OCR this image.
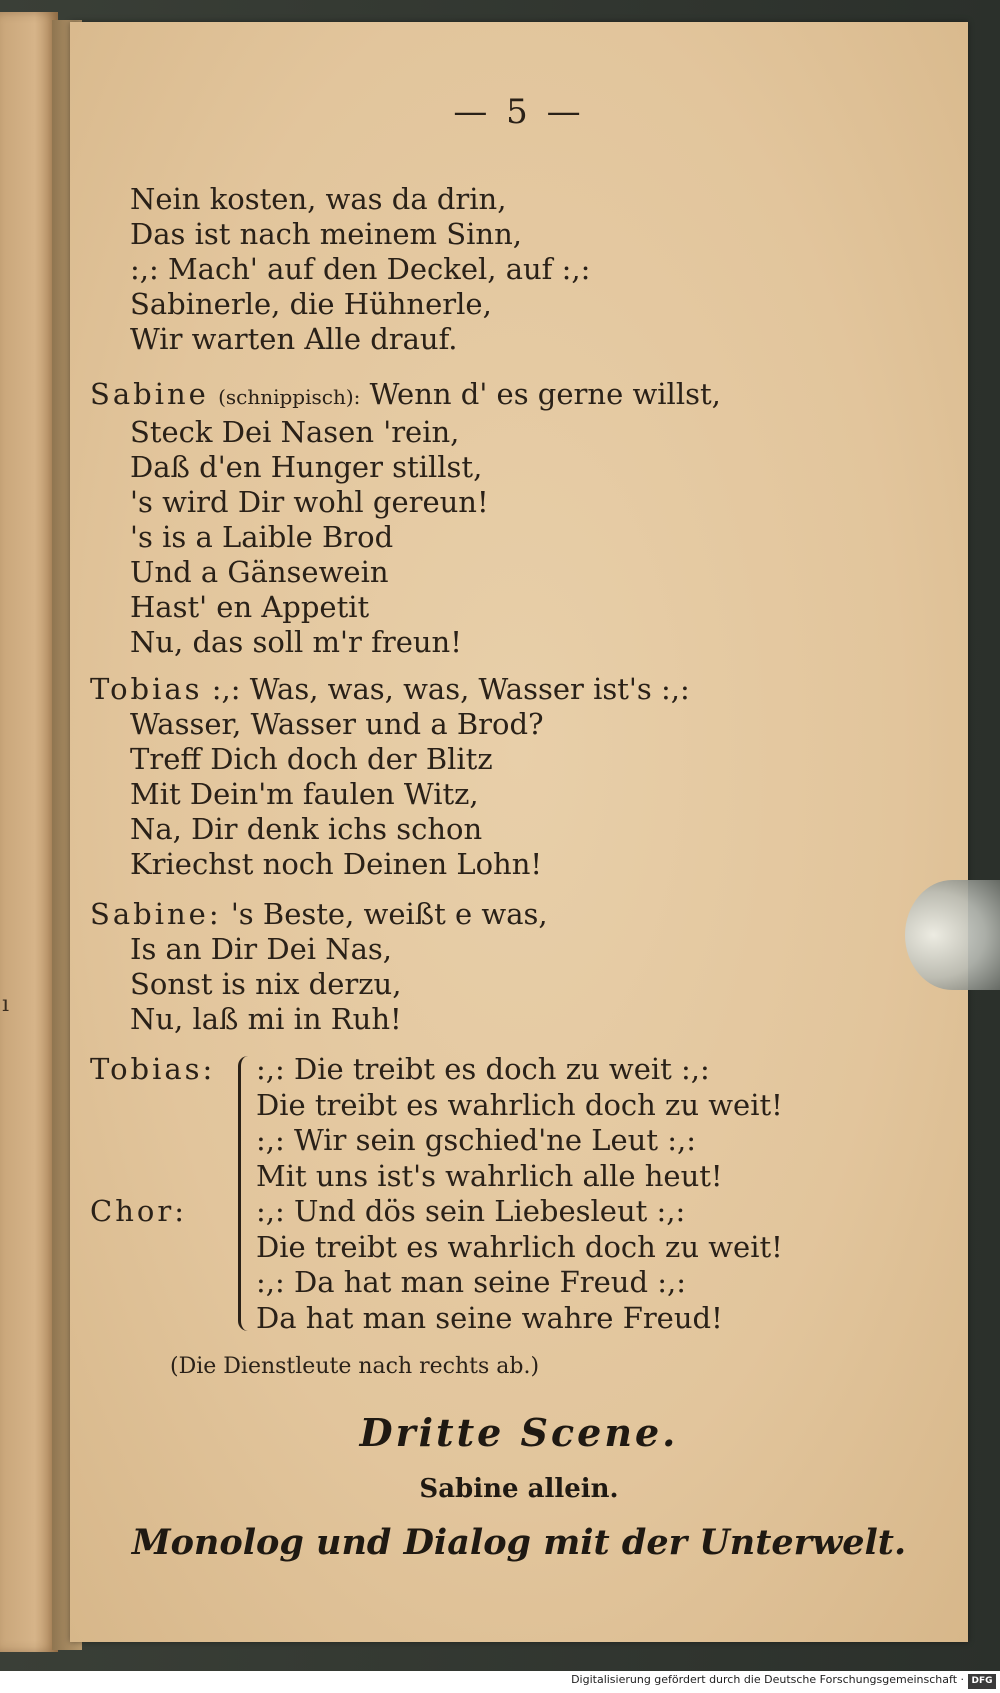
ı
— 5 —
Nein kosten, was da drin,
Das ist nach meinem Sinn,
:,: Mach' auf den Deckel, auf :,:
Sabinerle, die Hühnerle,
Wir warten Alle drauf.
Sabine (schnippisch): Wenn d' es gerne willst,
Steck Dei Nasen 'rein,
Daß d'en Hunger stillst,
's wird Dir wohl gereun!
's is a Laible Brod
Und a Gänsewein
Hast' en Appetit
Nu, das soll m'r freun!
Tobias :,: Was, was, was, Wasser ist's :,:
Wasser, Wasser und a Brod?
Treff Dich doch der Blitz
Mit Dein'm faulen Witz,
Na, Dir denk ichs schon
Kriechst noch Deinen Lohn!
Sabine: 's Beste, weißt e was,
Is an Dir Dei Nas,
Sonst is nix derzu,
Nu, laß mi in Ruh!
Tobias:
Chor:
:,: Die treibt es doch zu weit :,:
Die treibt es wahrlich doch zu weit!
:,: Wir sein gschied'ne Leut :,:
Mit uns ist's wahrlich alle heut!
:,: Und dös sein Liebesleut :,:
Die treibt es wahrlich doch zu weit!
:,: Da hat man seine Freud :,:
Da hat man seine wahre Freud!
(Die Dienstleute nach rechts ab.)
Dritte Scene.
Sabine allein.
Monolog und Dialog mit der Unterwelt.
Digitalisierung gefördert durch die Deutsche Forschungsgemeinschaft · DFG
